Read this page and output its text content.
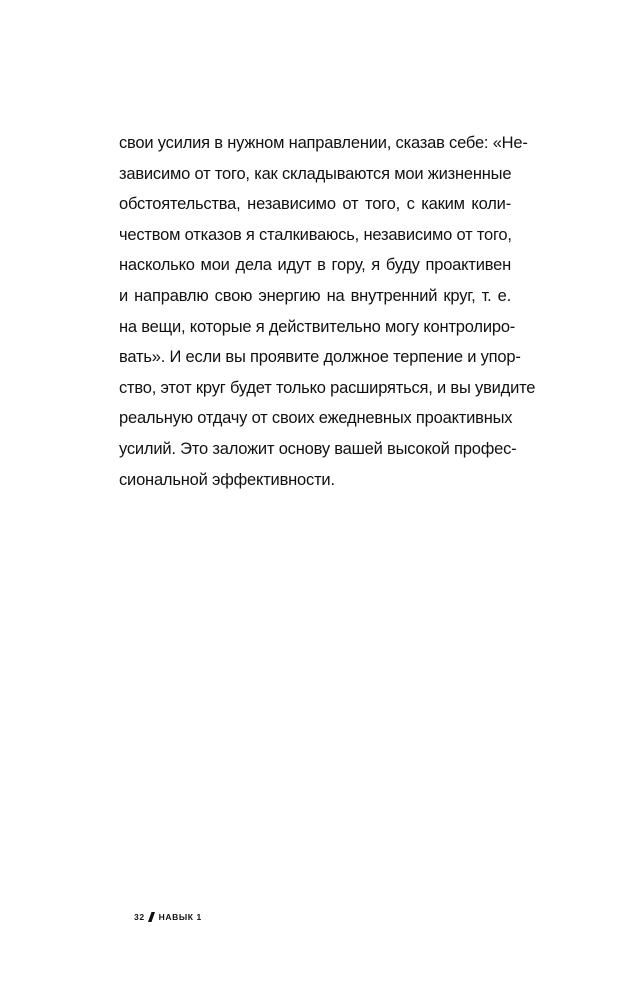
свои усилия в нужном направлении, сказав себе: «Не-
зависимо от того, как складываются мои жизненные
обстоятельства, независимо от того, с каким коли-
чеством отказов я сталкиваюсь, независимо от того,
насколько мои дела идут в гору, я буду проактивен
и направлю свою энергию на внутренний круг, т. е.
на вещи, которые я действительно могу контролиро-
вать». И если вы проявите должное терпение и упор-
ство, этот круг будет только расширяться, и вы увидите
реальную отдачу от своих ежедневных проактивных
усилий. Это заложит основу вашей высокой профес-
сиональной эффективности.
32 НАВЫК 1
